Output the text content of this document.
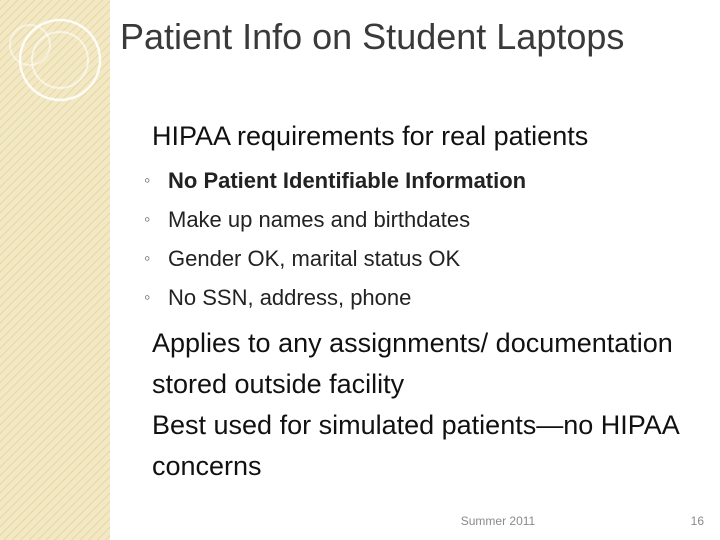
Patient Info on Student Laptops
HIPAA requirements for real patients
◦ No Patient Identifiable Information
◦ Make up names and birthdates
◦ Gender OK, marital status OK
◦ No SSN, address, phone
Applies to any assignments/ documentation stored outside facility
Best used for simulated patients—no HIPAA concerns
Summer 2011	16
